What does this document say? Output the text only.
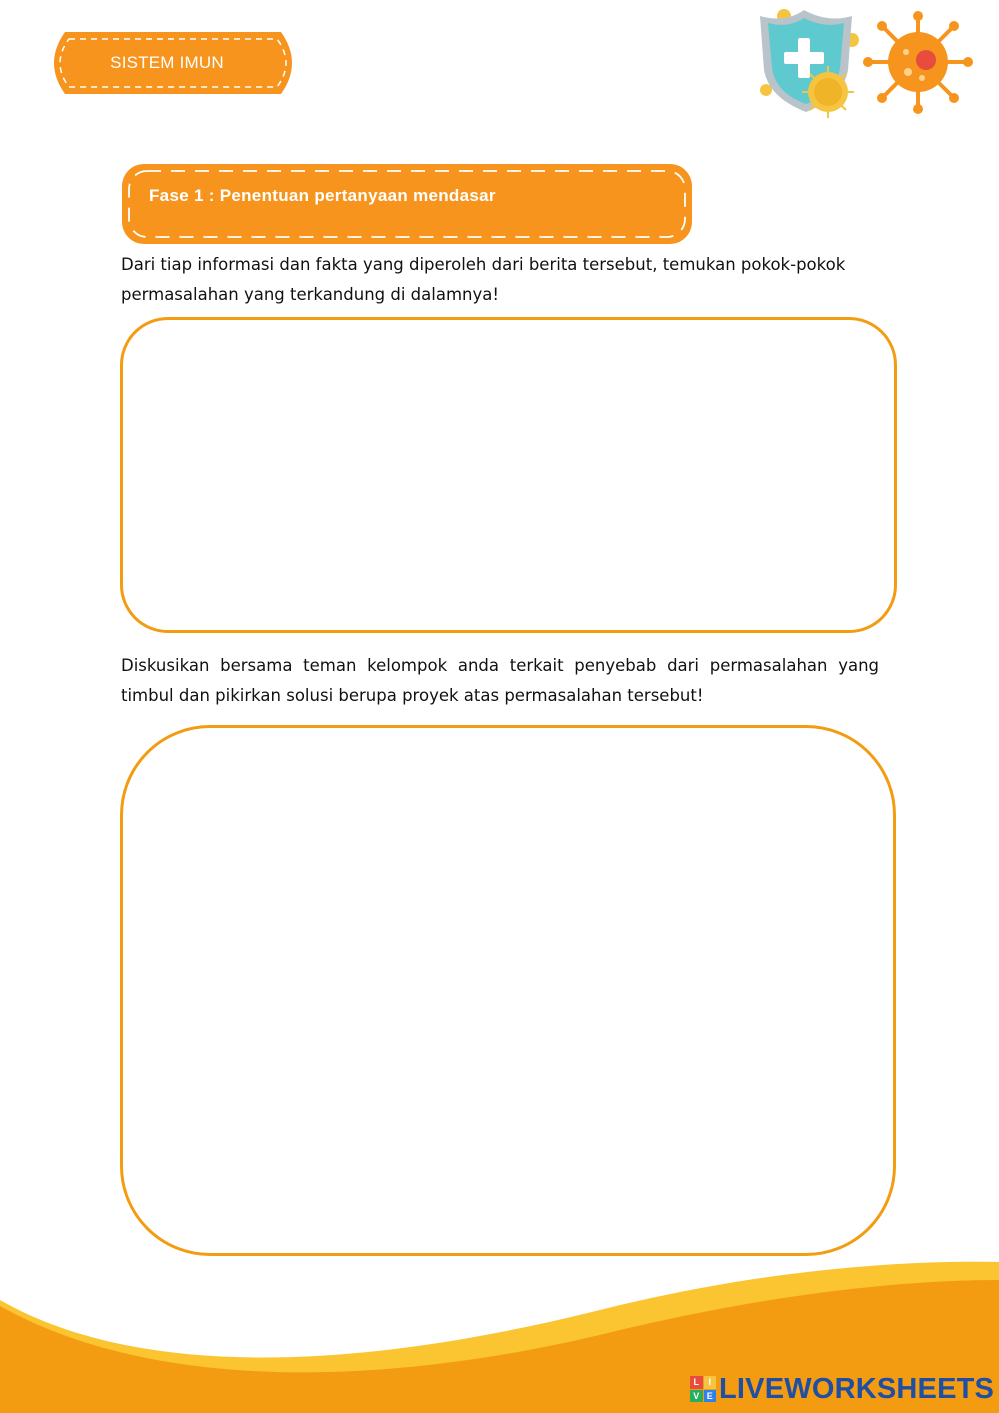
SISTEM IMUN
Fase 1 : Penentuan pertanyaan mendasar

Dari tiap informasi dan fakta yang diperoleh dari berita tersebut, temukan pokok-pokok permasalahan yang terkandung di dalamnya!

Diskusikan bersama teman kelompok anda terkait penyebab dari permasalahan yang timbul dan pikirkan solusi berupa proyek atas permasalahan tersebut!

L	I
V E LIVEWORKSHEETS
